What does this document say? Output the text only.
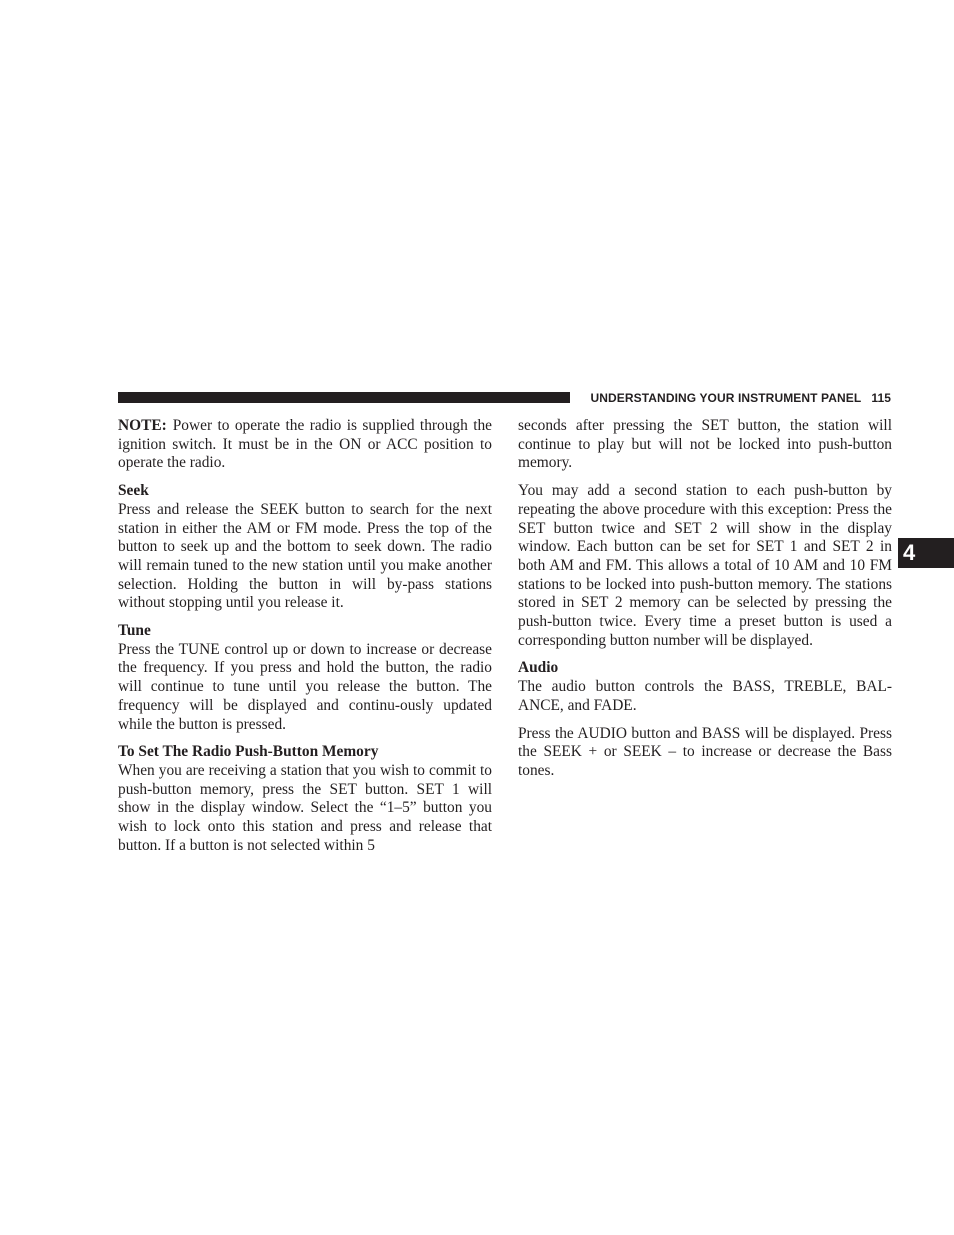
UNDERSTANDING YOUR INSTRUMENT PANEL 115
4

NOTE: Power to operate the radio is supplied through the ignition switch. It must be in the ON or ACC position to operate the radio.

Seek

Press and release the SEEK button to search for the next station in either the AM or FM mode. Press the top of the button to seek up and the bottom to seek down. The radio will remain tuned to the new station until you make another selection. Holding the button in will by-pass stations without stopping until you release it.

Tune

Press the TUNE control up or down to increase or decrease the frequency. If you press and hold the button, the radio will continue to tune until you release the button. The frequency will be displayed and continu-ously updated while the button is pressed.

To Set The Radio Push-Button Memory

When you are receiving a station that you wish to commit to push-button memory, press the SET button. SET 1 will show in the display window. Select the “1–5” button you wish to lock onto this station and press and release that button. If a button is not selected within 5

seconds after pressing the SET button, the station will continue to play but will not be locked into push-button memory.

You may add a second station to each push-button by repeating the above procedure with this exception: Press the SET button twice and SET 2 will show in the display window. Each button can be set for SET 1 and SET 2 in both AM and FM. This allows a total of 10 AM and 10 FM stations to be locked into push-button memory. The stations stored in SET 2 memory can be selected by pressing the push-button twice. Every time a preset button is used a corresponding button number will be displayed.

Audio

The audio button controls the BASS, TREBLE, BAL-ANCE, and FADE.

Press the AUDIO button and BASS will be displayed. Press the SEEK + or SEEK – to increase or decrease the Bass tones.
